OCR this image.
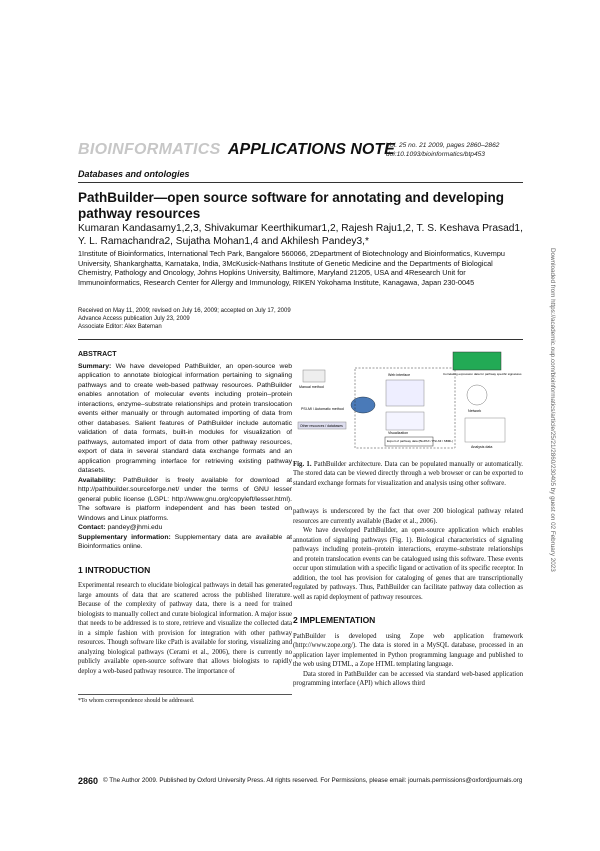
BIOINFORMATICS APPLICATIONS NOTE
Vol. 25 no. 21 2009, pages 2860–2862
doi:10.1093/bioinformatics/btp453
Databases and ontologies
PathBuilder—open source software for annotating and developing pathway resources
Kumaran Kandasamy1,2,3, Shivakumar Keerthikumar1,2, Rajesh Raju1,2, T. S. Keshava Prasad1, Y. L. Ramachandra2, Sujatha Mohan1,4 and Akhilesh Pandey3,*
1Institute of Bioinformatics, International Tech Park, Bangalore 560066, 2Department of Biotechnology and Bioinformatics, Kuvempu University, Shankarghatta, Karnataka, India, 3McKusick-Nathans Institute of Genetic Medicine and the Departments of Biological Chemistry, Pathology and Oncology, Johns Hopkins University, Baltimore, Maryland 21205, USA and 4Research Unit for Immunoinformatics, Research Center for Allergy and Immunology, RIKEN Yokohama Institute, Kanagawa, Japan 230-0045
Received on May 11, 2009; revised on July 16, 2009; accepted on July 17, 2009
Advance Access publication July 23, 2009
Associate Editor: Alex Bateman
ABSTRACT

Summary: We have developed PathBuilder, an open-source web application to annotate biological information pertaining to signaling pathways and to create web-based pathway resources. PathBuilder enables annotation of molecular events including protein–protein interactions, enzyme–substrate relationships and protein translocation events either manually or through automated importing of data from other databases. Salient features of PathBuilder include automatic validation of data formats, built-in modules for visualization of pathways, automated import of data from other pathway resources, export of data in several standard data exchange formats and an application programming interface for retrieving existing pathway datasets.

Availability: PathBuilder is freely available for download at http://pathbuilder.sourceforge.net/ under the terms of GNU lesser general public license (LGPL: http://www.gnu.org/copyleft/lesser.html). The software is platform independent and has been tested on Windows and Linux platforms.

Contact: pandey@jhmi.edu

Supplementary information: Supplementary data are available at Bioinformatics online.

1 INTRODUCTION

Experimental research to elucidate biological pathways in detail has generated large amounts of data that are scattered across the published literature. Because of the complexity of pathway data, there is a need for trained biologists to manually collect and curate biological information. A major issue that needs to be addressed is to store, retrieve and visualize the collected data in a simple fashion with provision for integration with other pathway resources. Though software like cPath is available for storing, visualizing and analyzing biological pathways (Cerami et al., 2006), there is currently no publicly available open-source software that allows biologists to rapidly deploy a web-based pathway resource. The importance of

*To whom correspondence should be addressed.
Manual method
PSI-MI / Automatic method
Other resources / databases
Web interface
Visualization
Export of pathway data (BioPAX / PSI-MI / SBML)
Correlating expression data for pathway specific signatures
Network
Analysis data
Fig. 1. PathBuilder architecture. Data can be populated manually or automatically. The stored data can be viewed directly through a web browser or can be exported to standard exchange formats for visualization and analysis using other software.

pathways is underscored by the fact that over 200 biological pathway related resources are currently available (Bader et al., 2006).

We have developed PathBuilder, an open-source application which enables annotation of signaling pathways (Fig. 1). Biological characteristics of signaling pathways including protein–protein interactions, enzyme–substrate relationships and protein translocation events can be catalogued using this software. These events occur upon stimulation with a specific ligand or activation of its specific receptor. In addition, the tool has provision for cataloging of genes that are transcriptionally regulated by pathways. Thus, PathBuilder can facilitate pathway data collection as well as rapid deployment of pathway resources.

2 IMPLEMENTATION

PathBuilder is developed using Zope web application framework (http://www.zope.org/). The data is stored in a MySQL database, processed in an application layer implemented in Python programming language and published to the web using DTML, a Zope HTML templating language.

Data stored in PathBuilder can be accessed via standard web-based application programming interface (API) which allows third

2860 © The Author 2009. Published by Oxford University Press. All rights reserved. For Permissions, please email: journals.permissions@oxfordjournals.org
Downloaded from https://academic.oup.com/bioinformatics/article/25/21/2860/230405 by guest on 02 February 2023
